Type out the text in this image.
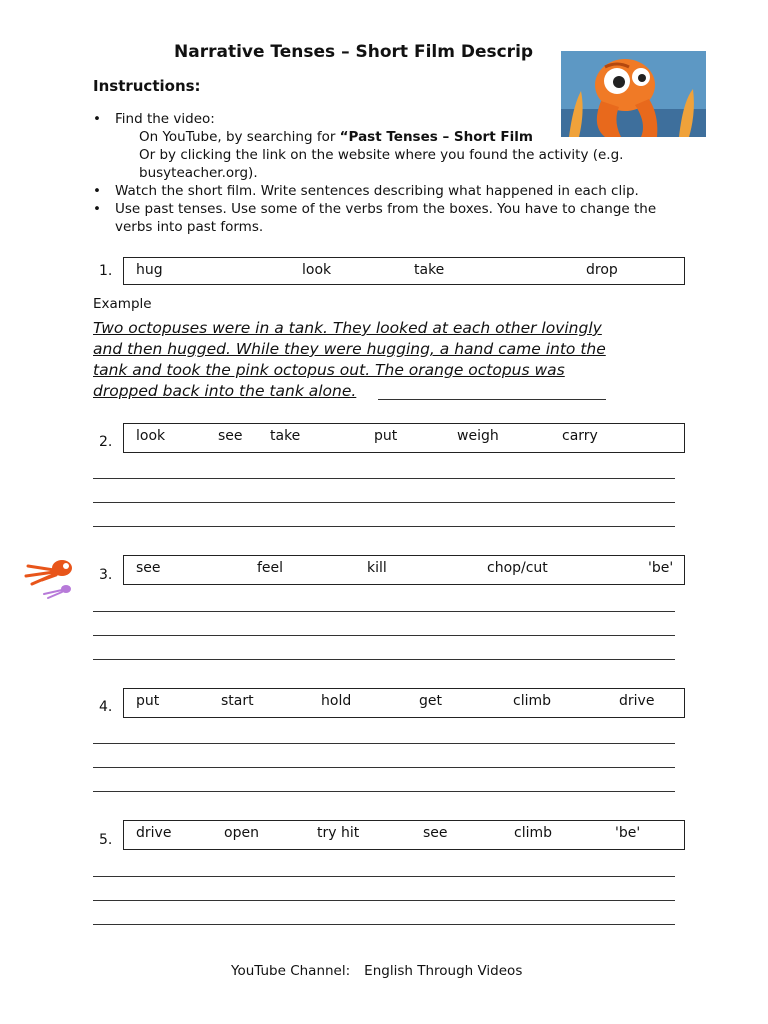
Narrative Tenses – Short Film Descrip
Instructions:
• Find the video:
On YouTube, by searching for “Past Tenses – Short Film
Or by clicking the link on the website where you found the activity (e.g.
busyteacher.org).
• Watch the short film. Write sentences describing what happened in each clip.
• Use past tenses. Use some of the verbs from the boxes. You have to change the verbs into past forms.
1. hug	look	take	drop
Example
Two octopuses were in a tank. They looked at each other lovingly
and then hugged. While they were hugging, a hand came into the
tank and took the pink octopus out. The orange octopus was
dropped back into the tank alone.
2. look	see take	put	weigh	carry
3. see	feel	kill	chop/cut	'be'
4. put	start	hold	get	climb	drive
5. drive	open	try hit	see	climb	'be'
YouTube Channel: English Through Videos
